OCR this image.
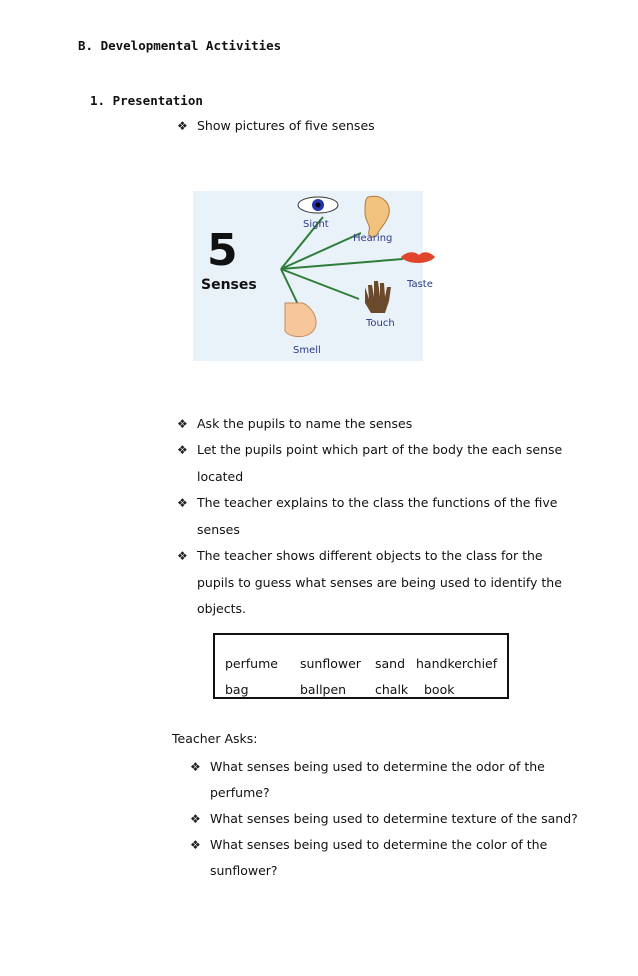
B. Developmental Activities
1. Presentation
❖ Show pictures of five senses
5
Senses
Sight
Hearing
Taste
Touch
Smell
❖ Ask the pupils to name the senses
❖ Let the pupils point which part of the body the each sense
located
❖ The teacher explains to the class the functions of the five
senses
❖ The teacher shows different objects to the class for the
pupils to guess what senses are being used to identify the
objects.
perfume sunflower sand handkerchief
bag	ballpen chalk book
Teacher Asks:
❖ What senses being used to determine the odor of the
perfume?
❖ What senses being used to determine texture of the sand?
❖ What senses being used to determine the color of the
sunflower?
